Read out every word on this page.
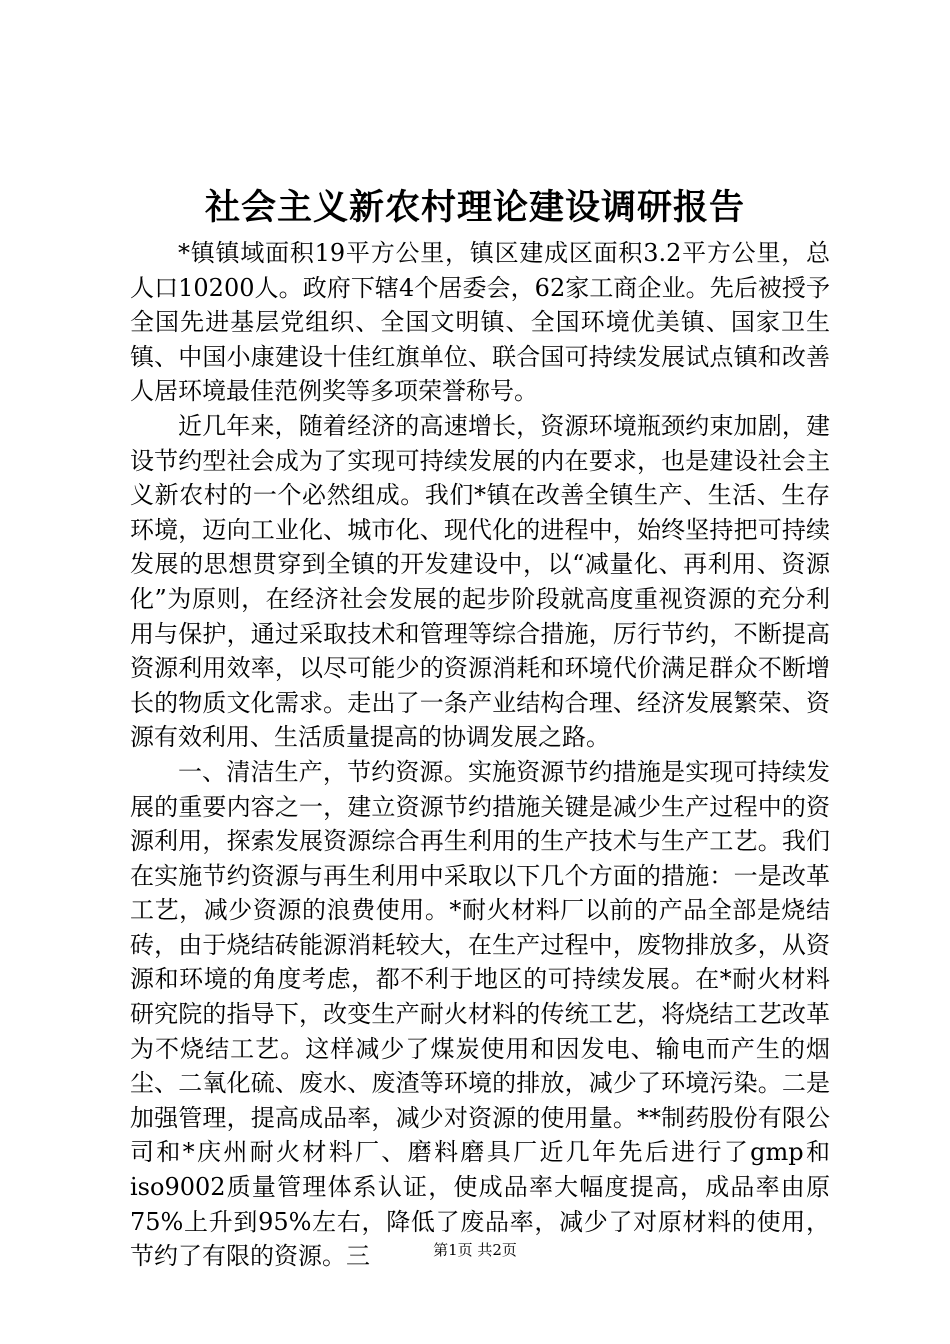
社会主义新农村理论建设调研报告

*镇镇域面积19平方公里，镇区建成区面积3.2平方公里，总人口10200人。政府下辖4个居委会，62家工商企业。先后被授予全国先进基层党组织、全国文明镇、全国环境优美镇、国家卫生镇、中国小康建设十佳红旗单位、联合国可持续发展试点镇和改善人居环境最佳范例奖等多项荣誉称号。

近几年来，随着经济的高速增长，资源环境瓶颈约束加剧，建设节约型社会成为了实现可持续发展的内在要求，也是建设社会主义新农村的一个必然组成。我们*镇在改善全镇生产、生活、生存环境，迈向工业化、城市化、现代化的进程中，始终坚持把可持续发展的思想贯穿到全镇的开发建设中，以“减量化、再利用、资源化”为原则，在经济社会发展的起步阶段就高度重视资源的充分利用与保护，通过采取技术和管理等综合措施，厉行节约，不断提高资源利用效率，以尽可能少的资源消耗和环境代价满足群众不断增长的物质文化需求。走出了一条产业结构合理、经济发展繁荣、资源有效利用、生活质量提高的协调发展之路。

一、清洁生产，节约资源。实施资源节约措施是实现可持续发展的重要内容之一，建立资源节约措施关键是减少生产过程中的资源利用，探索发展资源综合再生利用的生产技术与生产工艺。我们在实施节约资源与再生利用中采取以下几个方面的措施：一是改革工艺，减少资源的浪费使用。*耐火材料厂以前的产品全部是烧结砖，由于烧结砖能源消耗较大，在生产过程中，废物排放多，从资源和环境的角度考虑，都不利于地区的可持续发展。在*耐火材料研究院的指导下，改变生产耐火材料的传统工艺，将烧结工艺改革为不烧结工艺。这样减少了煤炭使用和因发电、输电而产生的烟尘、二氧化硫、废水、废渣等环境的排放，减少了环境污染。二是加强管理，提高成品率，减少对资源的使用量。**制药股份有限公司和*庆州耐火材料厂、磨料磨具厂近几年先后进行了gmp和iso9002质量管理体系认证，使成品率大幅度提高，成品率由原75%上升到95%左右，降低了废品率，减少了对原材料的使用，节约了有限的资源。三	第1页 共2页
